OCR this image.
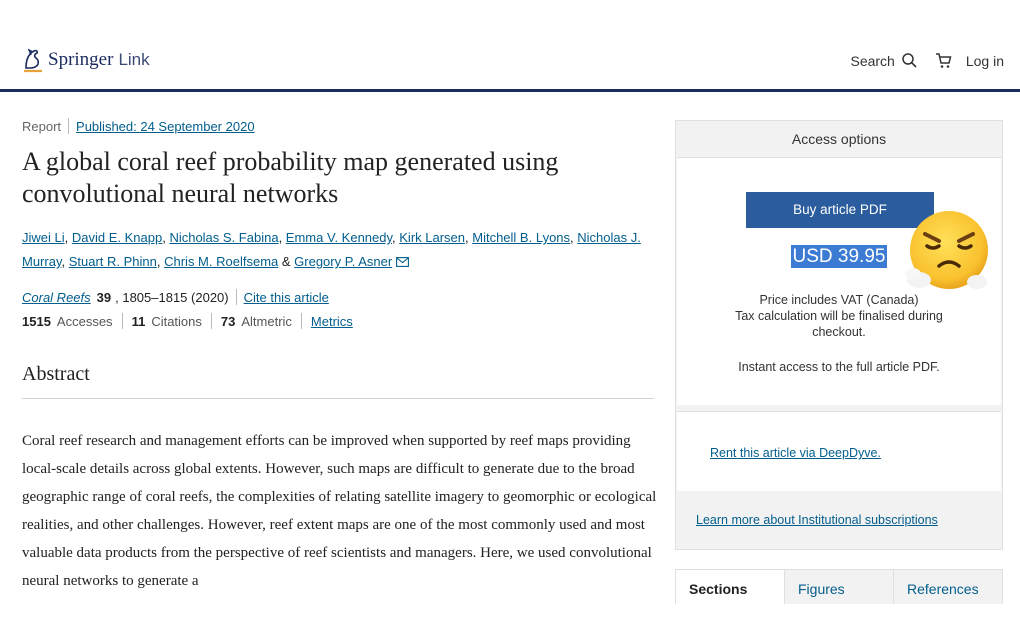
Springer Link	Search	Log in
Report Published: 24 September 2020
A global coral reef probability map generated using convolutional neural networks
Jiwei Li, David E. Knapp, Nicholas S. Fabina, Emma V. Kennedy, Kirk Larsen, Mitchell B. Lyons, Nicholas J. Murray, Stuart R. Phinn, Chris M. Roelfsema & Gregory P. Asner
Coral Reefs 39 , 1805–1815 (2020) Cite this article
1515 Accesses 11 Citations 73 Altmetric Metrics
Abstract
Coral reef research and management efforts can be improved when supported by reef maps providing local-scale details across global extents. However, such maps are difficult to generate due to the broad geographic range of coral reefs, the complexities of relating satellite imagery to geomorphic or ecological realities, and other challenges. However, reef extent maps are one of the most commonly used and most valuable data products from the perspective of reef scientists and managers. Here, we used convolutional neural networks to generate a
Access options
Buy article PDF
USD 39.95
Price includes VAT (Canada)
Tax calculation will be finalised during
checkout.
Instant access to the full article PDF.
Rent this article via DeepDyve.
Learn more about Institutional subscriptions
Sections	Figures	References
